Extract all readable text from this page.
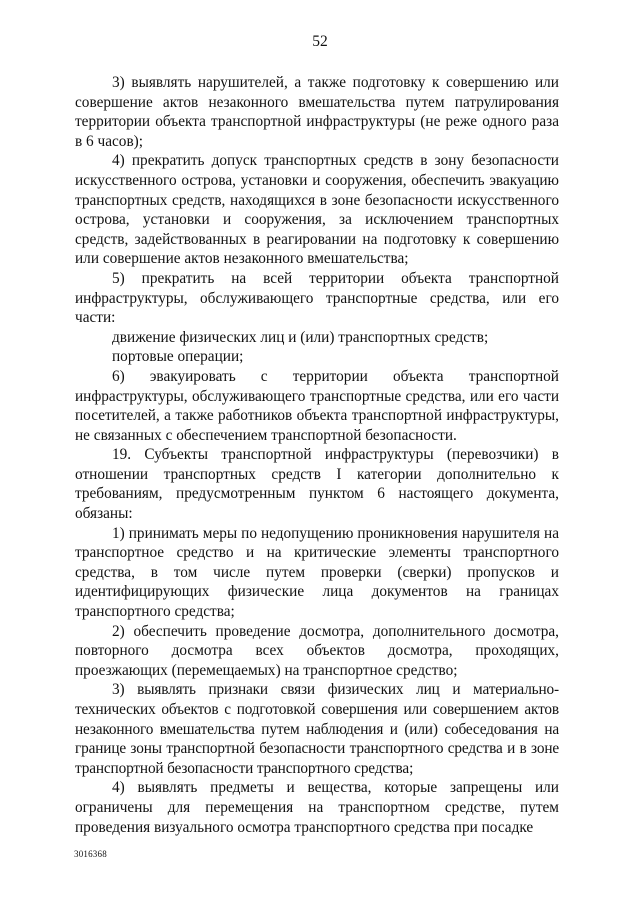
52

3) выявлять нарушителей, а также подготовку к совершению или совершение актов незаконного вмешательства путем патрулирования территории объекта транспортной инфраструктуры (не реже одного раза в 6 часов);

4) прекратить допуск транспортных средств в зону безопасности искусственного острова, установки и сооружения, обеспечить эвакуацию транспортных средств, находящихся в зоне безопасности искусственного острова, установки и сооружения, за исключением транспортных средств, задействованных в реагировании на подготовку к совершению или совершение актов незаконного вмешательства;

5) прекратить на всей территории объекта транспортной инфраструктуры, обслуживающего транспортные средства, или его части:

движение физических лиц и (или) транспортных средств;

портовые операции;

6) эвакуировать с территории объекта транспортной инфраструктуры, обслуживающего транспортные средства, или его части посетителей, а также работников объекта транспортной инфраструктуры, не связанных с обеспечением транспортной безопасности.

19. Субъекты транспортной инфраструктуры (перевозчики) в отношении транспортных средств I категории дополнительно к требованиям, предусмотренным пунктом 6 настоящего документа, обязаны:

1) принимать меры по недопущению проникновения нарушителя на транспортное средство и на критические элементы транспортного средства, в том числе путем проверки (сверки) пропусков и идентифицирующих физические лица документов на границах транспортного средства;

2) обеспечить проведение досмотра, дополнительного досмотра, повторного досмотра всех объектов досмотра, проходящих, проезжающих (перемещаемых) на транспортное средство;

3) выявлять признаки связи физических лиц и материально-технических объектов с подготовкой совершения или совершением актов незаконного вмешательства путем наблюдения и (или) собеседования на границе зоны транспортной безопасности транспортного средства и в зоне транспортной безопасности транспортного средства;

4) выявлять предметы и вещества, которые запрещены или ограничены для перемещения на транспортном средстве, путем проведения визуального осмотра транспортного средства при посадке

3016368
